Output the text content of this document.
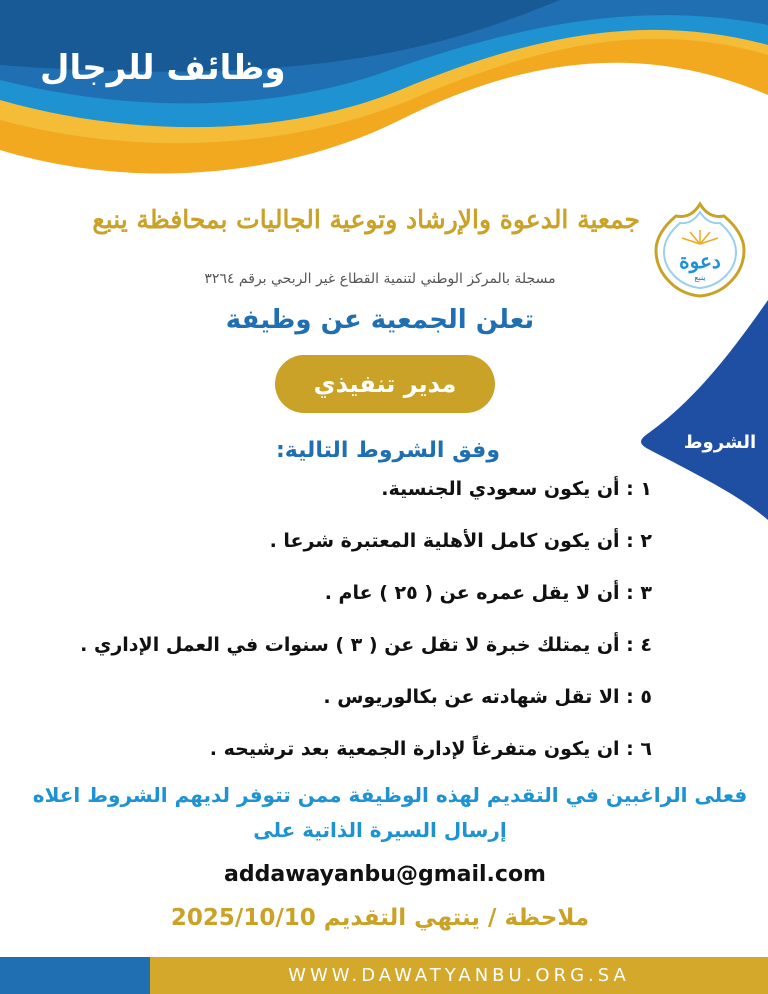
وظائف للرجال
جمعية الدعوة والإرشاد وتوعية الجاليات بمحافظة ينبع
دعوة
ينبع
مسجلة بالمركز الوطني لتنمية القطاع غير الربحي برقم ٣٢٦٤
تعلن الجمعية عن وظيفة
مدير تنفيذي
الشروط
وفق الشروط التالية:
١ : أن يكون سعودي الجنسية.
٢ : أن يكون كامل الأهلية المعتبرة شرعا .
٣ : أن لا يقل عمره عن ( ٢٥ ) عام .
٤ : أن يمتلك خبرة لا تقل عن ( ٣ ) سنوات في العمل الإداري .
٥ : الا تقل شهادته عن بكالوريوس .
٦ : ان يكون متفرغاً لإدارة الجمعية بعد ترشيحه .
فعلى الراغبين في التقديم لهذه الوظيفة ممن تتوفر لديهم الشروط اعلاه
إرسال السيرة الذاتية على
addawayanbu@gmail.com
ملاحظة / ينتهي التقديم 2025/10/10
WWW.DAWATYANBU.ORG.SA
